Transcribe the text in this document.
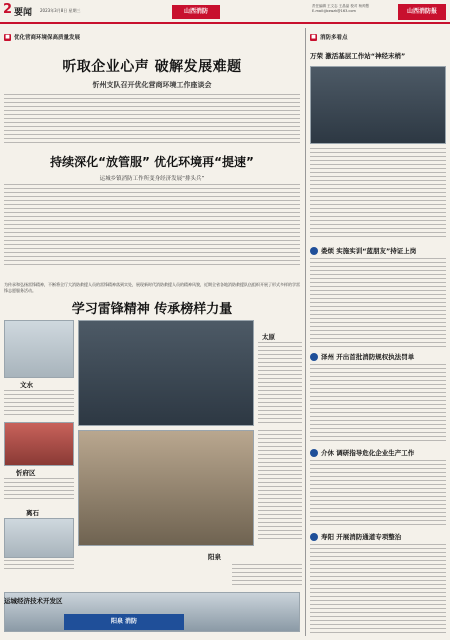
2 要闻 2023年3月8日 星期三	山西消防
责任编辑 王文志 王晶晶 校对 杨帅慧
E-mail:jjbxwzk@163.com	山西消防报
■ 优化营商环境保高质量发展
听取企业心声 破解发展难题
忻州支队召开优化营商环境工作座谈会
持续深化“放管服” 优化环境再“提速”
运城乡镇消防工作所变身经济发展“排头兵”
为传承和弘扬雷锋精神，不断将全厅大消防救援人员的雷锋精神落到实处，展现新时代消防救援人员的精神风貌，近期全省各地消防救援队伍组织开展了形式多样的学雷锋志愿服务活动。
学习雷锋精神 传承榜样力量
文水
太原
忻府区
离石
阳泉
运城经济技术开发区
阳泉 消防
■ 消防多看点
万荣 激活基层工作站“神经末梢”
娄烦 实施实训“蓝朋友”持证上岗
泽州 开出首批消防规权执法罚单
介休 调研指导危化企业生产工作
寿阳 开展消防通道专项整治
